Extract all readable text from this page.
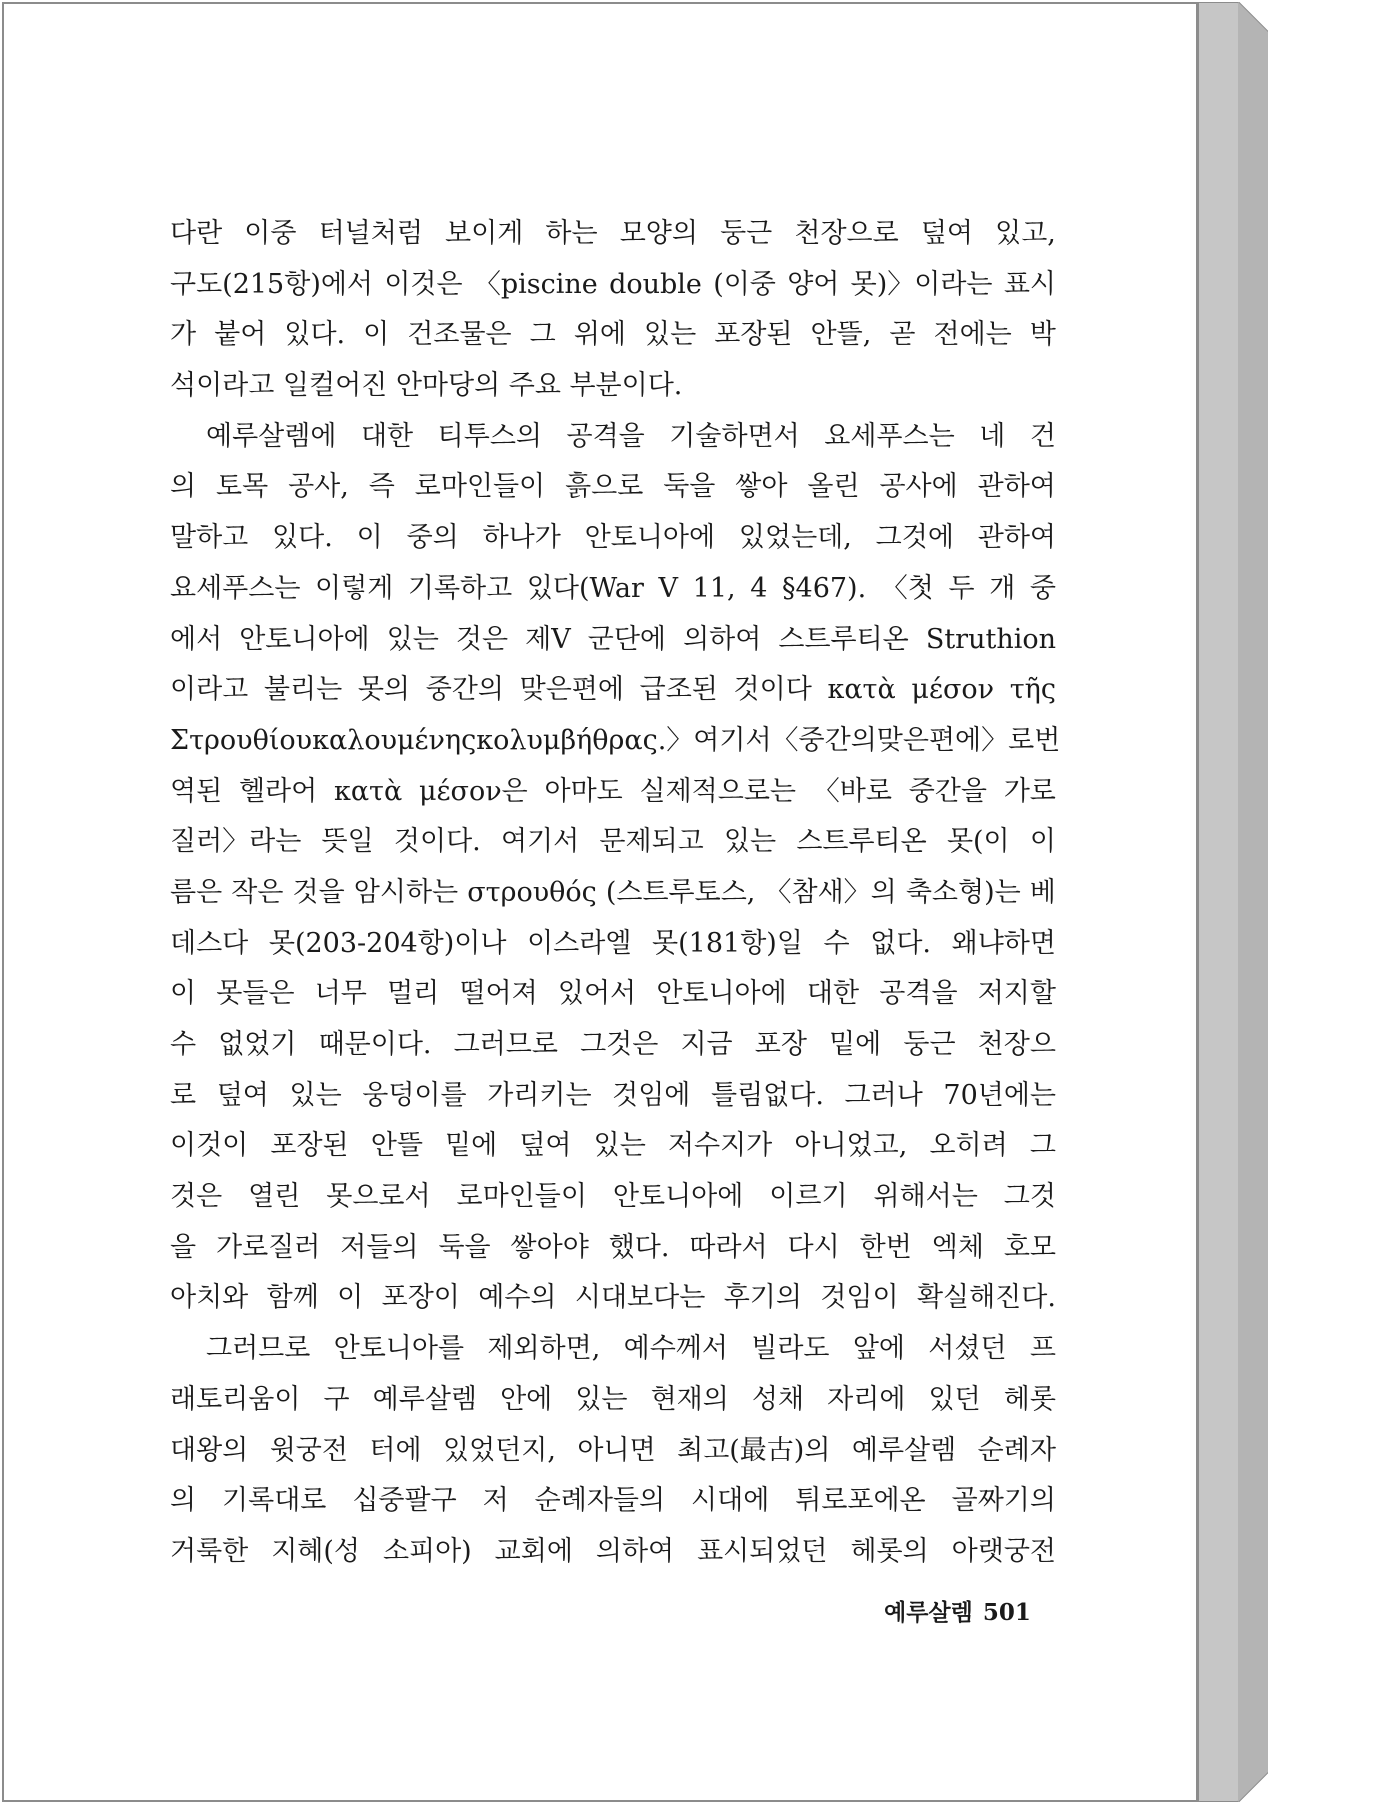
다란 이중 터널처럼 보이게 하는 모양의 둥근 천장으로 덮여 있고,
구도(215항)에서 이것은 〈piscine double (이중 양어 못)〉이라는 표시
가 붙어 있다. 이 건조물은 그 위에 있는 포장된 안뜰, 곧 전에는 박
석이라고 일컬어진 안마당의 주요 부분이다.
예루살렘에 대한 티투스의 공격을 기술하면서 요세푸스는 네 건
의 토목 공사, 즉 로마인들이 흙으로 둑을 쌓아 올린 공사에 관하여
말하고 있다. 이 중의 하나가 안토니아에 있었는데, 그것에 관하여
요세푸스는 이렇게 기록하고 있다(War V 11, 4 §467). 〈첫 두 개 중
에서 안토니아에 있는 것은 제V 군단에 의하여 스트루티온 Struthion
이라고 불리는 못의 중간의 맞은편에 급조된 것이다 κατὰ μέσον τῆς
Στρουθίου καλουμένης κολυμβήθρας.〉 여기서 〈중간의 맞은편에〉로 번
역된 헬라어 κατὰ μέσον은 아마도 실제적으로는 〈바로 중간을 가로
질러〉라는 뜻일 것이다. 여기서 문제되고 있는 스트루티온 못(이 이
름은 작은 것을 암시하는 στρουθός (스트루토스, 〈참새〉의 축소형)는 베
데스다 못(203-204항)이나 이스라엘 못(181항)일 수 없다. 왜냐하면
이 못들은 너무 멀리 떨어져 있어서 안토니아에 대한 공격을 저지할
수 없었기 때문이다. 그러므로 그것은 지금 포장 밑에 둥근 천장으
로 덮여 있는 웅덩이를 가리키는 것임에 틀림없다. 그러나 70년에는
이것이 포장된 안뜰 밑에 덮여 있는 저수지가 아니었고, 오히려 그
것은 열린 못으로서 로마인들이 안토니아에 이르기 위해서는 그것
을 가로질러 저들의 둑을 쌓아야 했다. 따라서 다시 한번 엑체 호모
아치와 함께 이 포장이 예수의 시대보다는 후기의 것임이 확실해진다.
그러므로 안토니아를 제외하면, 예수께서 빌라도 앞에 서셨던 프
래토리움이 구 예루살렘 안에 있는 현재의 성채 자리에 있던 헤롯
대왕의 윗궁전 터에 있었던지, 아니면 최고(最古)의 예루살렘 순례자
의 기록대로 십중팔구 저 순례자들의 시대에 튀로포에온 골짜기의
거룩한 지혜(성 소피아) 교회에 의하여 표시되었던 헤롯의 아랫궁전
예루살렘 501
